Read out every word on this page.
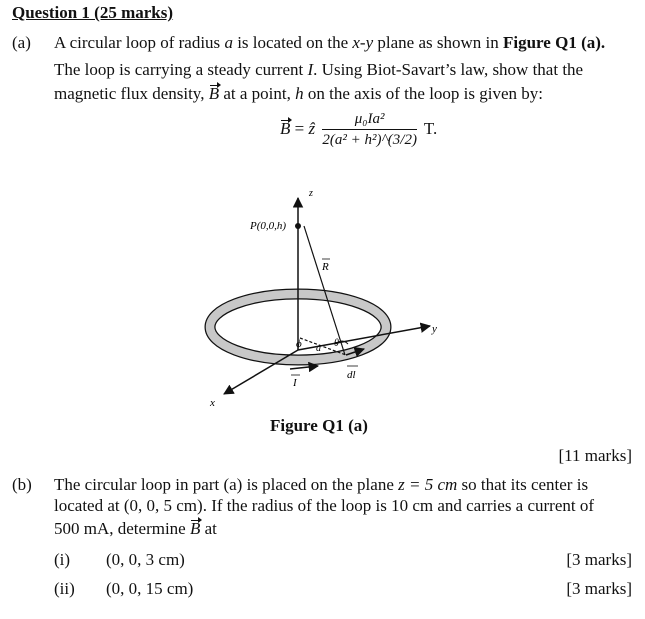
Question 1 (25 marks)
(a) A circular loop of radius a is located on the x-y plane as shown in Figure Q1 (a).
The loop is carrying a steady current I. Using Biot-Savart’s law, show that the
magnetic flux density, B at a point, h on the axis of the loop is given by:
B = ẑ $\frac{\text{μ₀Ia²}}{\text{2(a² + h²)\textasciicircum{}(3/2)}} T$.
z
y
x
P(0,0,h)
R
ϕ a θ
dl
I
Figure Q1 (a)
[11 marks]
(b) The circular loop in part (a) is placed on the plane z = 5 cm so that its center is
located at (0, 0, 5 cm). If the radius of the loop is 10 cm and carries a current of
500 mA, determine B at
(i) (0, 0, 3 cm)	[3 marks]
(ii) (0, 0, 15 cm)	[3 marks]
